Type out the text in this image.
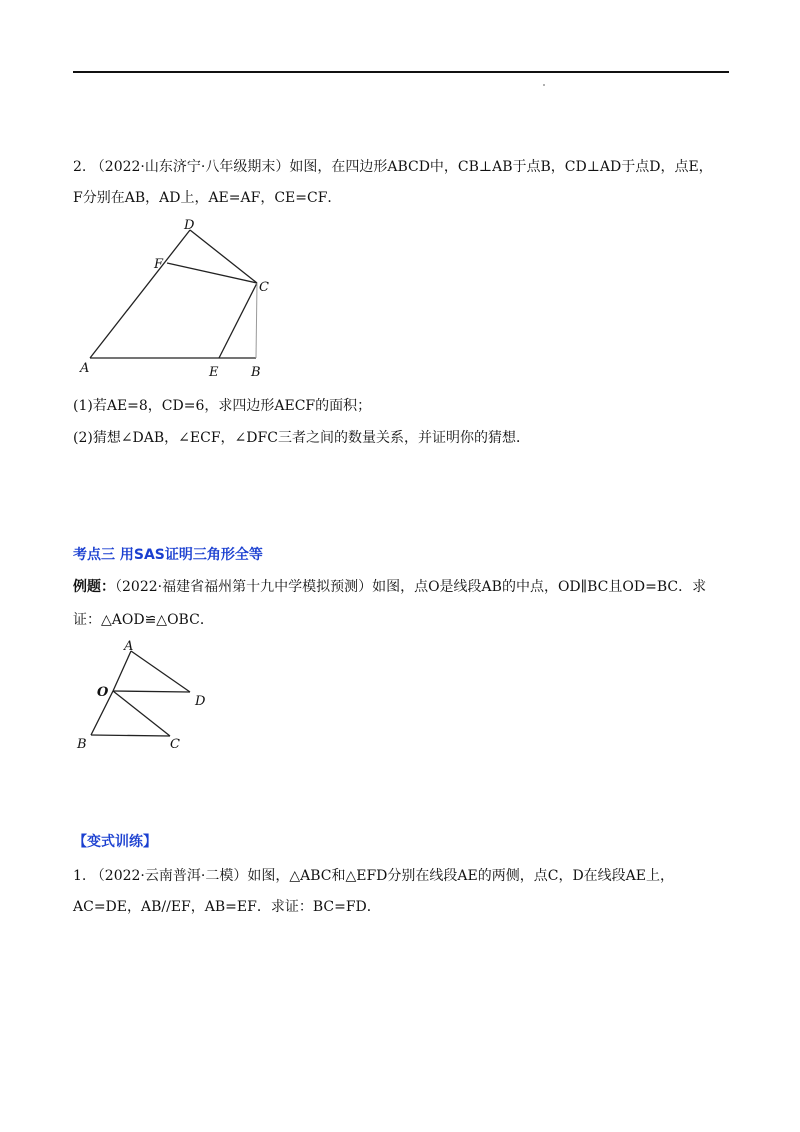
2. （2022·山东济宁·八年级期末）如图，在四边形ABCD中，CB⊥AB于点B，CD⊥AD于点D，点E，
F分别在AB，AD上，AE=AF，CE=CF．
D
F
C
A	E	B
A
O
D
B	C
(1)若AE=8，CD=6，求四边形AECF的面积；
(2)猜想∠DAB，∠ECF，∠DFC三者之间的数量关系，并证明你的猜想．
考点三 用SAS证明三角形全等
例题：（2022·福建省福州第十九中学模拟预测）如图，点O是线段AB的中点，OD∥BC且OD=BC．求
证：△AOD≌△OBC．
【变式训练】
1. （2022·云南普洱·二模）如图，△ABC和△EFD分别在线段AE的两侧，点C，D在线段AE上，
AC=DE，AB//EF，AB=EF．求证：BC=FD．
